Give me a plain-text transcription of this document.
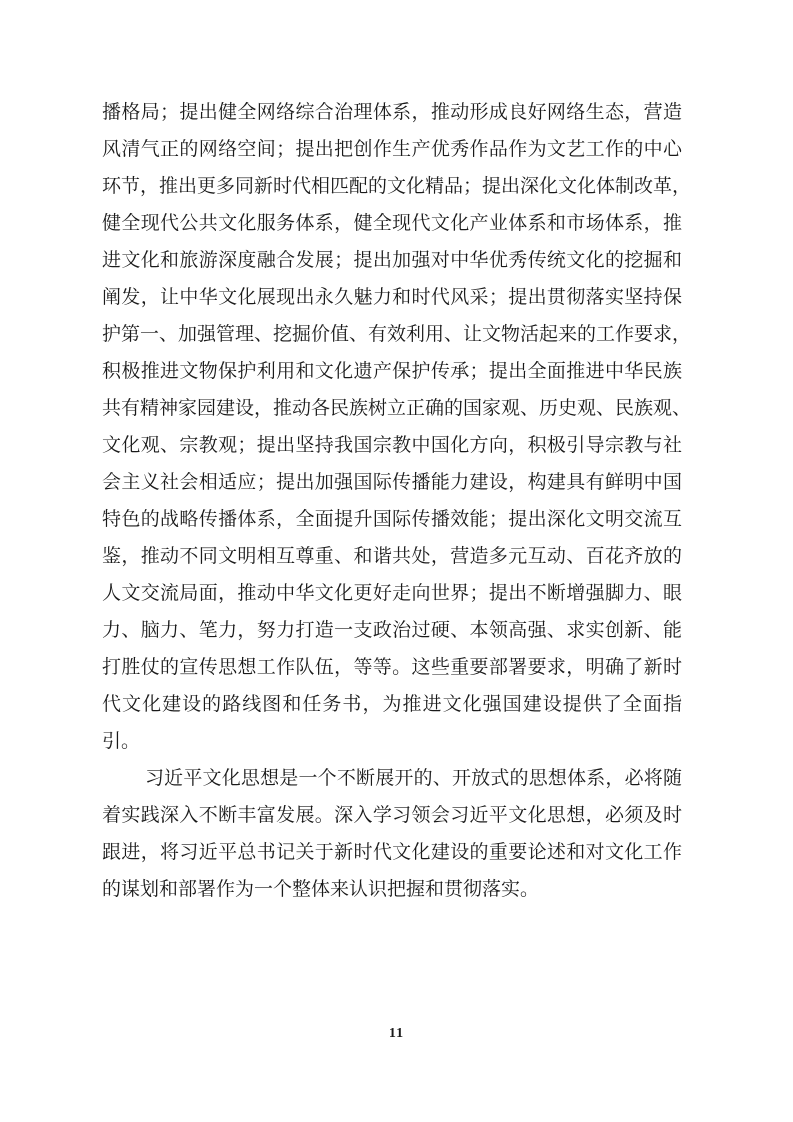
播格局；提出健全网络综合治理体系，推动形成良好网络生态，营造
风清气正的网络空间；提出把创作生产优秀作品作为文艺工作的中心
环节，推出更多同新时代相匹配的文化精品；提出深化文化体制改革，
健全现代公共文化服务体系，健全现代文化产业体系和市场体系，推
进文化和旅游深度融合发展；提出加强对中华优秀传统文化的挖掘和
阐发，让中华文化展现出永久魅力和时代风采；提出贯彻落实坚持保
护第一、加强管理、挖掘价值、有效利用、让文物活起来的工作要求，
积极推进文物保护利用和文化遗产保护传承；提出全面推进中华民族
共有精神家园建设，推动各民族树立正确的国家观、历史观、民族观、
文化观、宗教观；提出坚持我国宗教中国化方向，积极引导宗教与社
会主义社会相适应；提出加强国际传播能力建设，构建具有鲜明中国
特色的战略传播体系，全面提升国际传播效能；提出深化文明交流互
鉴，推动不同文明相互尊重、和谐共处，营造多元互动、百花齐放的
人文交流局面，推动中华文化更好走向世界；提出不断增强脚力、眼
力、脑力、笔力，努力打造一支政治过硬、本领高强、求实创新、能
打胜仗的宣传思想工作队伍，等等。这些重要部署要求，明确了新时
代文化建设的路线图和任务书，为推进文化强国建设提供了全面指
引。
习近平文化思想是一个不断展开的、开放式的思想体系，必将随
着实践深入不断丰富发展。深入学习领会习近平文化思想，必须及时
跟进，将习近平总书记关于新时代文化建设的重要论述和对文化工作
的谋划和部署作为一个整体来认识把握和贯彻落实。
11
